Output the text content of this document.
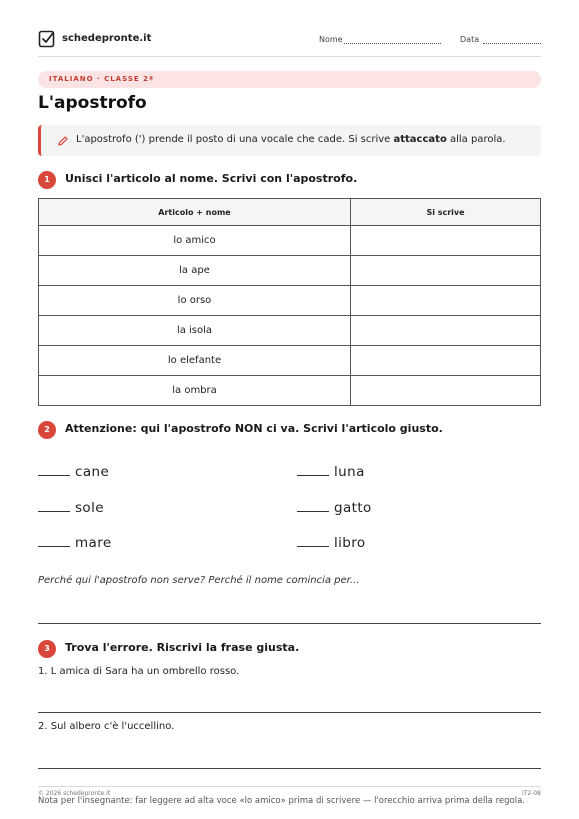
schedepronte.it	Nome	Data
ITALIANO · CLASSE 2ª
L'apostrofo
L'apostrofo (') prende il posto di una vocale che cade. Si scrive attaccato alla parola.
1	Unisci l'articolo al nome. Scrivi con l'apostrofo.
Articolo + nome	Si scrive
lo amico	
la ape	
lo orso	
la isola	
lo elefante	
la ombra	
2	Attenzione: qui l'apostrofo NON ci va. Scrivi l'articolo giusto.
cane	luna
sole	gatto
mare	libro
Perché qui l'apostrofo non serve? Perché il nome comincia per...
3	Trova l'errore. Riscrivi la frase giusta.
1. L amica di Sara ha un ombrello rosso.
2. Sul albero c'è l'uccellino.
© 2026 schedepronte.it	IT2-08
Nota per l'insegnante: far leggere ad alta voce «lo amico» prima di scrivere — l'orecchio arriva prima della regola.
